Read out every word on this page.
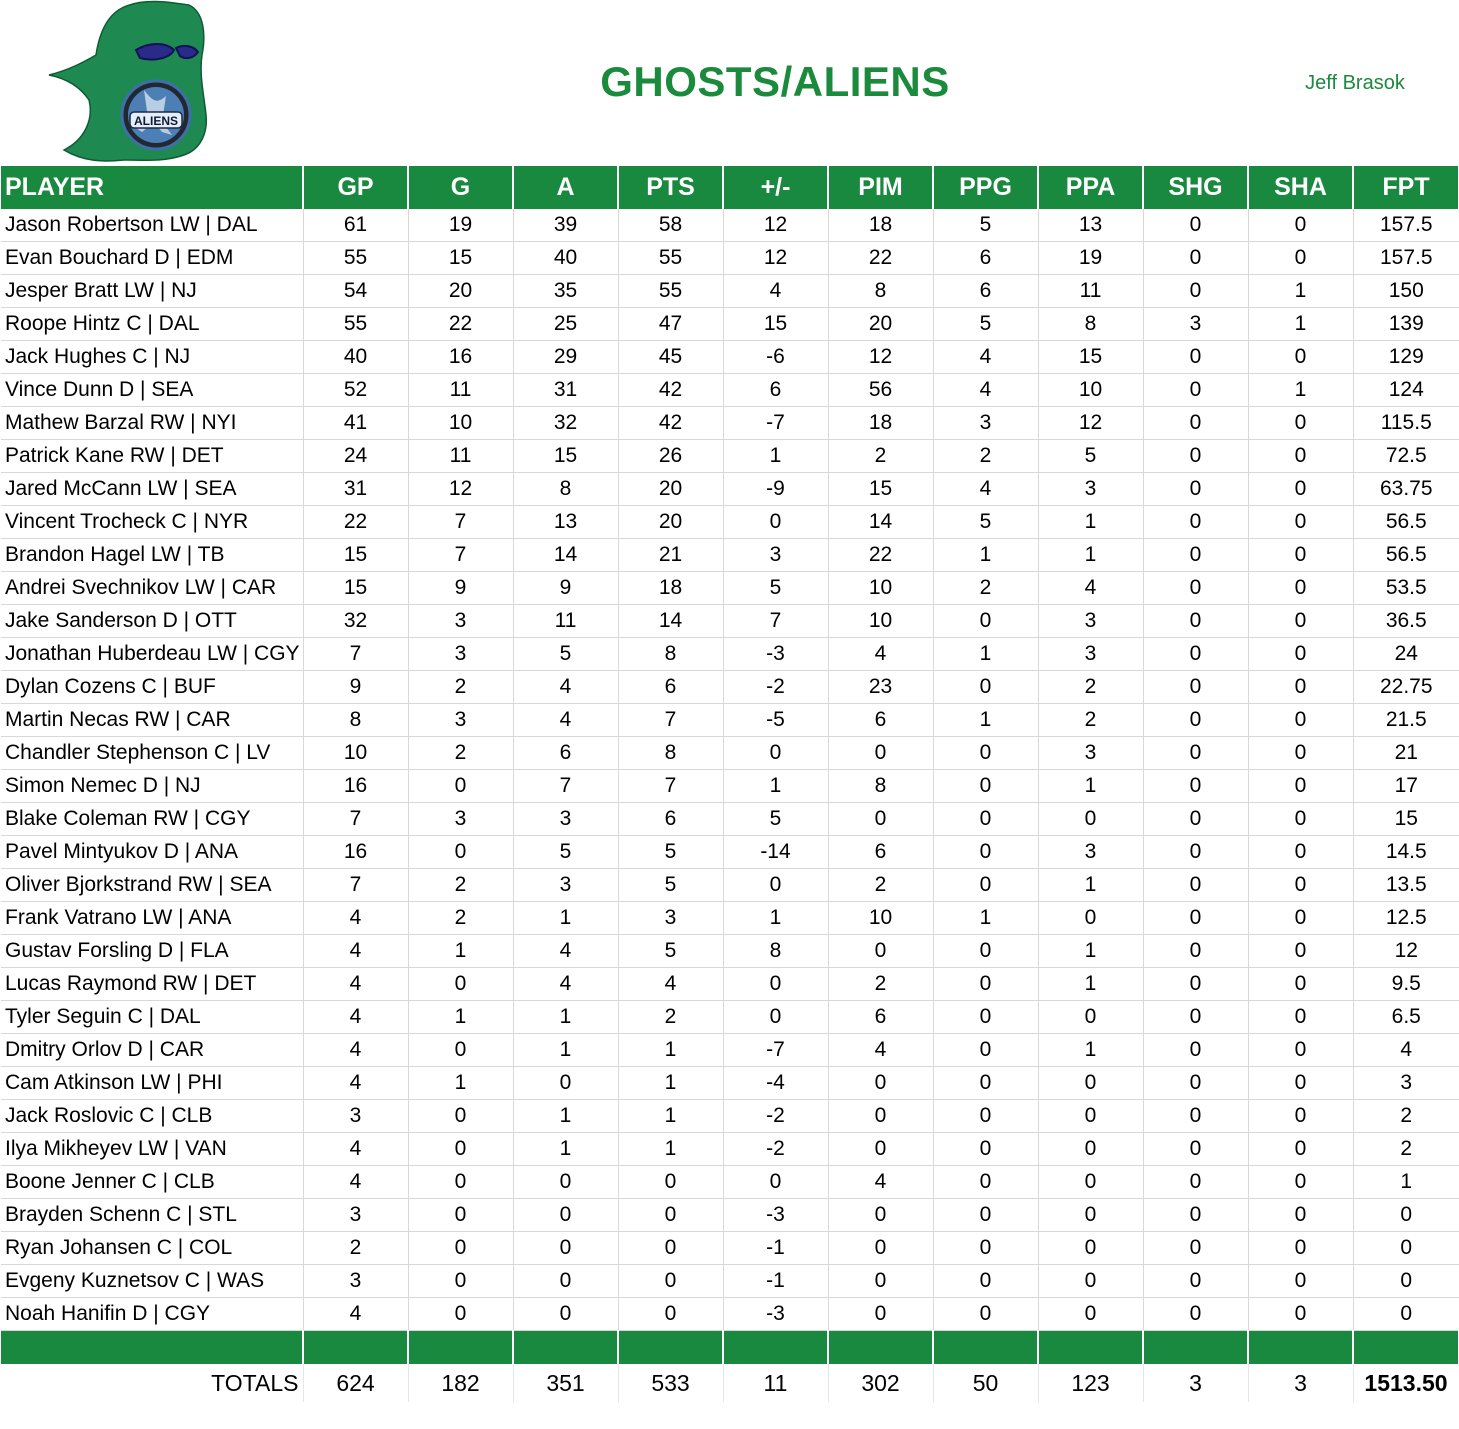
ALIENS
GHOSTS/ALIENS	Jeff Brasok
PLAYER	GP	G	A	PTS	+/-	PIM	PPG	PPA	SHG	SHA	FPT
Jason Robertson LW | DAL	61	19	39	58	12	18	5	13	0	0	157.5
Evan Bouchard D | EDM	55	15	40	55	12	22	6	19	0	0	157.5
Jesper Bratt LW | NJ	54	20	35	55	4	8	6	11	0	1	150
Roope Hintz C | DAL	55	22	25	47	15	20	5	8	3	1	139
Jack Hughes C | NJ	40	16	29	45	-6	12	4	15	0	0	129
Vince Dunn D | SEA	52	11	31	42	6	56	4	10	0	1	124
Mathew Barzal RW | NYI	41	10	32	42	-7	18	3	12	0	0	115.5
Patrick Kane RW | DET	24	11	15	26	1	2	2	5	0	0	72.5
Jared McCann LW | SEA	31	12	8	20	-9	15	4	3	0	0	63.75
Vincent Trocheck C | NYR	22	7	13	20	0	14	5	1	0	0	56.5
Brandon Hagel LW | TB	15	7	14	21	3	22	1	1	0	0	56.5
Andrei Svechnikov LW | CAR	15	9	9	18	5	10	2	4	0	0	53.5
Jake Sanderson D | OTT	32	3	11	14	7	10	0	3	0	0	36.5
Jonathan Huberdeau LW | CGY	7	3	5	8	-3	4	1	3	0	0	24
Dylan Cozens C | BUF	9	2	4	6	-2	23	0	2	0	0	22.75
Martin Necas RW | CAR	8	3	4	7	-5	6	1	2	0	0	21.5
Chandler Stephenson C | LV	10	2	6	8	0	0	0	3	0	0	21
Simon Nemec D | NJ	16	0	7	7	1	8	0	1	0	0	17
Blake Coleman RW | CGY	7	3	3	6	5	0	0	0	0	0	15
Pavel Mintyukov D | ANA	16	0	5	5	-14	6	0	3	0	0	14.5
Oliver Bjorkstrand RW | SEA	7	2	3	5	0	2	0	1	0	0	13.5
Frank Vatrano LW | ANA	4	2	1	3	1	10	1	0	0	0	12.5
Gustav Forsling D | FLA	4	1	4	5	8	0	0	1	0	0	12
Lucas Raymond RW | DET	4	0	4	4	0	2	0	1	0	0	9.5
Tyler Seguin C | DAL	4	1	1	2	0	6	0	0	0	0	6.5
Dmitry Orlov D | CAR	4	0	1	1	-7	4	0	1	0	0	4
Cam Atkinson LW | PHI	4	1	0	1	-4	0	0	0	0	0	3
Jack Roslovic C | CLB	3	0	1	1	-2	0	0	0	0	0	2
Ilya Mikheyev LW | VAN	4	0	1	1	-2	0	0	0	0	0	2
Boone Jenner C | CLB	4	0	0	0	0	4	0	0	0	0	1
Brayden Schenn C | STL	3	0	0	0	-3	0	0	0	0	0	0
Ryan Johansen C | COL	2	0	0	0	-1	0	0	0	0	0	0
Evgeny Kuznetsov C | WAS	3	0	0	0	-1	0	0	0	0	0	0
Noah Hanifin D | CGY	4	0	0	0	-3	0	0	0	0	0	0

TOTALS	624	182	351	533	11	302	50	123	3	3	1513.50
